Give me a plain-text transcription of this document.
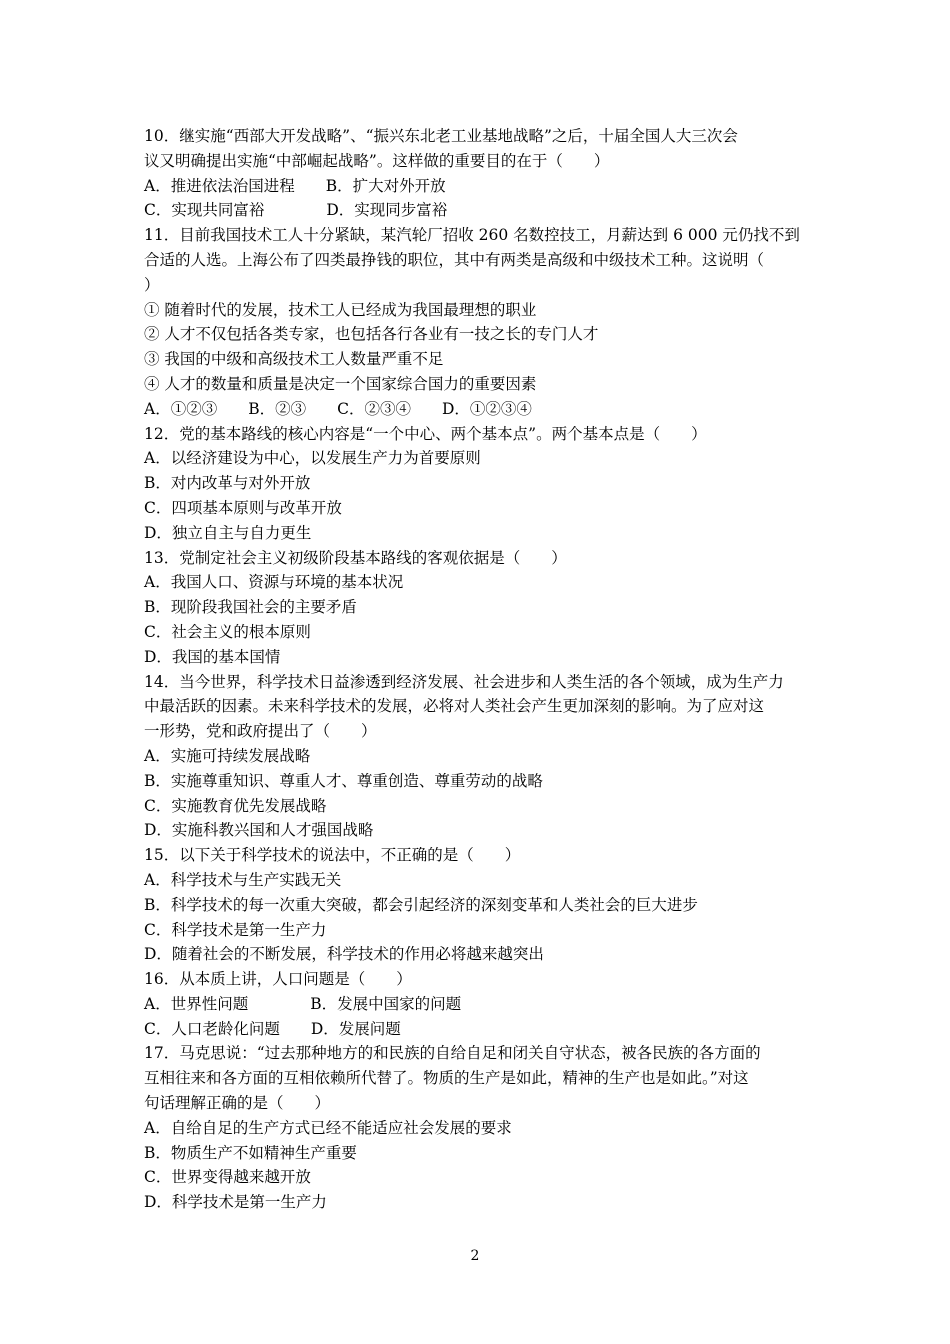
10．继实施“西部大开发战略”、“振兴东北老工业基地战略”之后，十届全国人大三次会
议又明确提出实施“中部崛起战略”。这样做的重要目的在于（　　）
A．推进依法治国进程　　B．扩大对外开放
C．实现共同富裕　　　　D．实现同步富裕
11．目前我国技术工人十分紧缺，某汽轮厂招收 260 名数控技工，月薪达到 6 000 元仍找不到
合适的人选。上海公布了四类最挣钱的职位，其中有两类是高级和中级技术工种。这说明（
）
① 随着时代的发展，技术工人已经成为我国最理想的职业
② 人才不仅包括各类专家，也包括各行各业有一技之长的专门人才
③ 我国的中级和高级技术工人数量严重不足
④ 人才的数量和质量是决定一个国家综合国力的重要因素
A．①②③　　B．②③　　C．②③④　　D．①②③④
12．党的基本路线的核心内容是“一个中心、两个基本点”。两个基本点是（　　）
A．以经济建设为中心，以发展生产力为首要原则
B．对内改革与对外开放
C．四项基本原则与改革开放
D．独立自主与自力更生
13．党制定社会主义初级阶段基本路线的客观依据是（　　）
A．我国人口、资源与环境的基本状况
B．现阶段我国社会的主要矛盾
C．社会主义的根本原则
D．我国的基本国情
14．当今世界，科学技术日益渗透到经济发展、社会进步和人类生活的各个领域，成为生产力
中最活跃的因素。未来科学技术的发展，必将对人类社会产生更加深刻的影响。为了应对这
一形势，党和政府提出了（　　）
A．实施可持续发展战略
B．实施尊重知识、尊重人才、尊重创造、尊重劳动的战略
C．实施教育优先发展战略
D．实施科教兴国和人才强国战略
15．以下关于科学技术的说法中，不正确的是（　　）
A．科学技术与生产实践无关
B．科学技术的每一次重大突破，都会引起经济的深刻变革和人类社会的巨大进步
C．科学技术是第一生产力
D．随着社会的不断发展，科学技术的作用必将越来越突出
16．从本质上讲，人口问题是（　　）
A．世界性问题　　　　B．发展中国家的问题
C．人口老龄化问题　　D．发展问题
17．马克思说：“过去那种地方的和民族的自给自足和闭关自守状态，被各民族的各方面的
互相往来和各方面的互相依赖所代替了。物质的生产是如此，精神的生产也是如此。”对这
句话理解正确的是（　　）
A．自给自足的生产方式已经不能适应社会发展的要求
B．物质生产不如精神生产重要
C．世界变得越来越开放
D．科学技术是第一生产力
2
